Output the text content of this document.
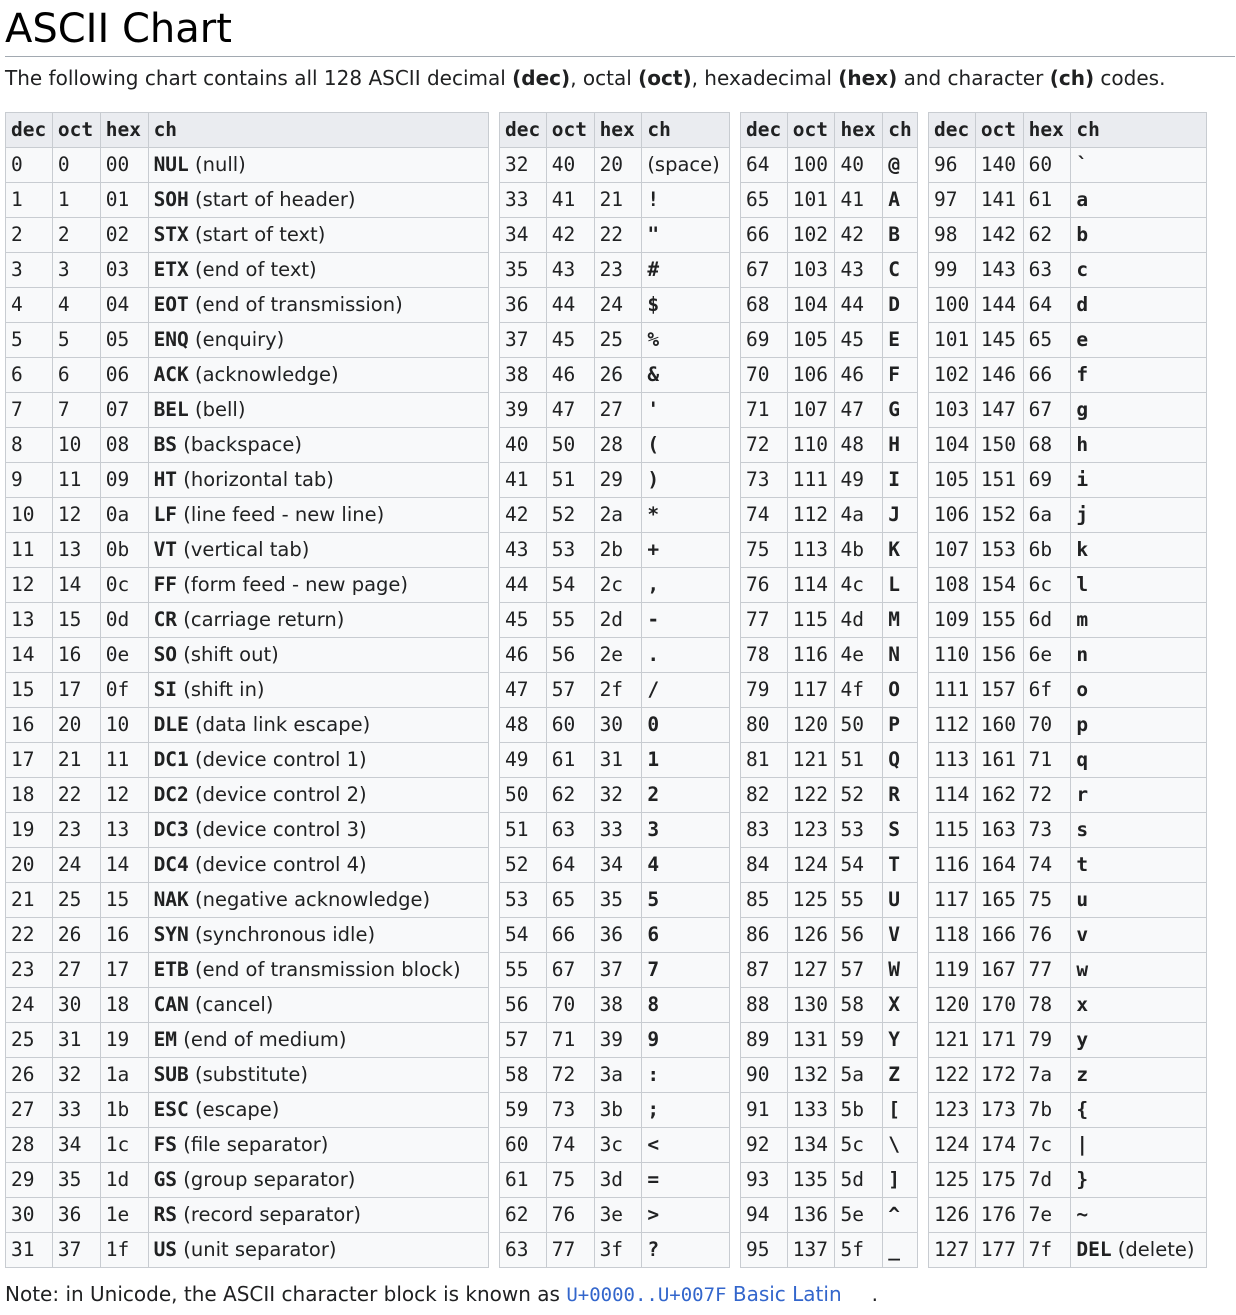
ASCII Chart

The following chart contains all 128 ASCII decimal (dec), octal (oct), hexadecimal (hex) and character (ch) codes.

dec	oct	hex	ch
0	0	00	NUL (null)
1	1	01	SOH (start of header)
2	2	02	STX (start of text)
3	3	03	ETX (end of text)
4	4	04	EOT (end of transmission)
5	5	05	ENQ (enquiry)
6	6	06	ACK (acknowledge)
7	7	07	BEL (bell)
8	10	08	BS (backspace)
9	11	09	HT (horizontal tab)
10	12	0a	LF (line feed - new line)
11	13	0b	VT (vertical tab)
12	14	0c	FF (form feed - new page)
13	15	0d	CR (carriage return)
14	16	0e	SO (shift out)
15	17	0f	SI (shift in)
16	20	10	DLE (data link escape)
17	21	11	DC1 (device control 1)
18	22	12	DC2 (device control 2)
19	23	13	DC3 (device control 3)
20	24	14	DC4 (device control 4)
21	25	15	NAK (negative acknowledge)
22	26	16	SYN (synchronous idle)
23	27	17	ETB (end of transmission block)
24	30	18	CAN (cancel)
25	31	19	EM (end of medium)
26	32	1a	SUB (substitute)
27	33	1b	ESC (escape)
28	34	1c	FS (file separator)
29	35	1d	GS (group separator)
30	36	1e	RS (record separator)
31	37	1f	US (unit separator)
dec	oct	hex	ch
32	40	20	(space)
33	41	21	!
34	42	22	"
35	43	23	#
36	44	24	$
37	45	25	%
38	46	26	&
39	47	27	'
40	50	28	(
41	51	29	)
42	52	2a	*
43	53	2b	+
44	54	2c	,
45	55	2d	-
46	56	2e	.
47	57	2f	/
48	60	30	0
49	61	31	1
50	62	32	2
51	63	33	3
52	64	34	4
53	65	35	5
54	66	36	6
55	67	37	7
56	70	38	8
57	71	39	9
58	72	3a	:
59	73	3b	;
60	74	3c	<
61	75	3d	=
62	76	3e	>
63	77	3f	?
dec	oct	hex	ch
64	100	40	@
65	101	41	A
66	102	42	B
67	103	43	C
68	104	44	D
69	105	45	E
70	106	46	F
71	107	47	G
72	110	48	H
73	111	49	I
74	112	4a	J
75	113	4b	K
76	114	4c	L
77	115	4d	M
78	116	4e	N
79	117	4f	O
80	120	50	P
81	121	51	Q
82	122	52	R
83	123	53	S
84	124	54	T
85	125	55	U
86	126	56	V
87	127	57	W
88	130	58	X
89	131	59	Y
90	132	5a	Z
91	133	5b	[
92	134	5c	\
93	135	5d	]
94	136	5e	^
95	137	5f	_
dec	oct	hex	ch
96	140	60	`
97	141	61	a
98	142	62	b
99	143	63	c
100	144	64	d
101	145	65	e
102	146	66	f
103	147	67	g
104	150	68	h
105	151	69	i
106	152	6a	j
107	153	6b	k
108	154	6c	l
109	155	6d	m
110	156	6e	n
111	157	6f	o
112	160	70	p
113	161	71	q
114	162	72	r
115	163	73	s
116	164	74	t
117	165	75	u
118	166	76	v
119	167	77	w
120	170	78	x
121	171	79	y
122	172	7a	z
123	173	7b	{
124	174	7c	|
125	175	7d	}
126	176	7e	~
127	177	7f	DEL (delete)

Note: in Unicode, the ASCII character block is known as U+0000..U+007F Basic Latin .
